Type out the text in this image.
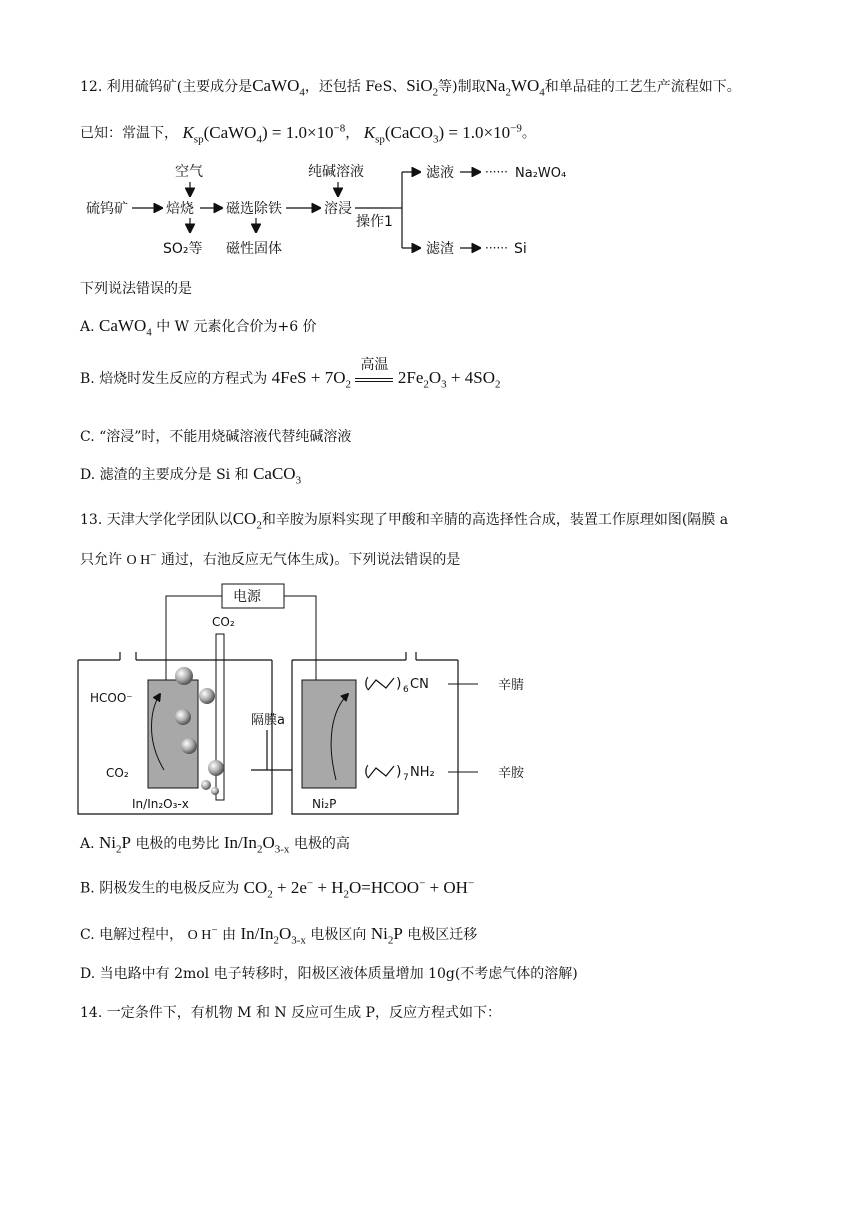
12. 利用硫钨矿(主要成分是CaWO$_4$，还包括 FeS、SiO$_2$等)制取$Na_2WO_4$和单品硅的工艺生产流程如下。
已知：常温下， $K_{sp}(CaWO_4) = 1.0\times 10^{-8}$， $K_{sp}(CaCO_3) = 1.0\times 10^{-9}$。
空气
硫钨矿	焙烧
SO₂等
磁选除铁
磁性固体
纯碱溶液
溶浸
操作1
滤液	······ Na₂WO₄
滤渣	······ Si
下列说法错误的是
A. CaWO$_4$ 中 W 元素化合价为+6 价
B. 焙烧时发生反应的方程式为 $4FeS + 7O_2$
高温
$2Fe_2O_3 + 4SO_2$
C. “溶浸”时，不能用烧碱溶液代替纯碱溶液
D. 滤渣的主要成分是 Si 和 CaCO$_3$
13. 天津大学化学团队以$CO_2$和辛胺为原料实现了甲酸和辛腈的高选择性合成，装置工作原理如图(隔膜 a
只允许 O H− 通过，右池反应无气体生成)。下列说法错误的是
电源
CO₂
HCOO⁻
CO₂
In/In₂O₃-x
隔膜a
Ni₂P
( ) 6 CN	辛腈
( ) 7 NH₂	辛胺
A. $Ni_2P$ 电极的电势比 $In/In_2O_{3-x}$ 电极的高
B. 阴极发生的电极反应为 $CO_2 + 2e^-$ + $H_2O=HCOO^- + OH^-$
C. 电解过程中， O H− 由 $In/In_2O_{3-x}$ 电极区向 $Ni_2P$ 电极区迁移
D. 当电路中有 2mol 电子转移时，阳极区液体质量增加 10g(不考虑气体的溶解)
14. 一定条件下，有机物 M 和 N 反应可生成 P，反应方程式如下：
